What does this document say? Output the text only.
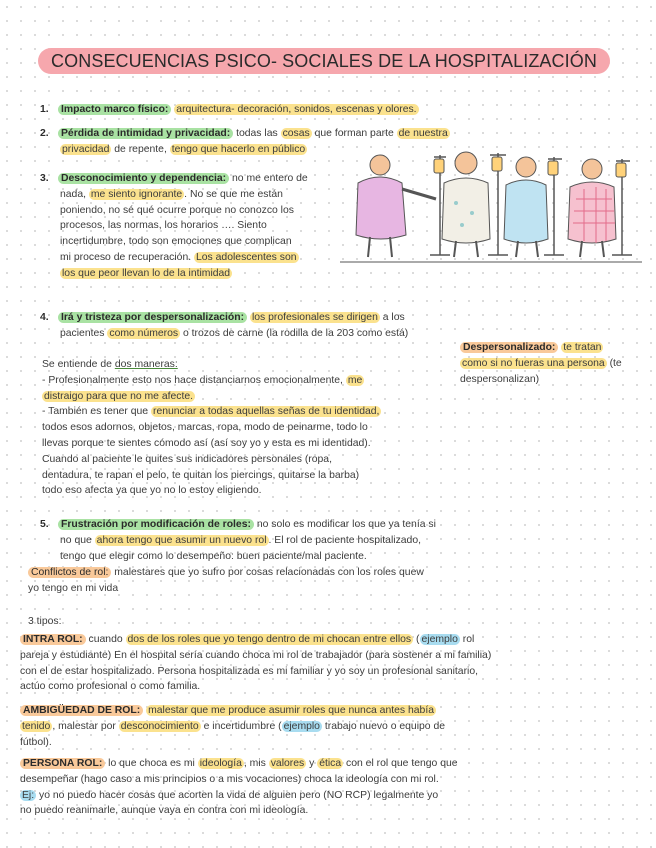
CONSECUENCIAS PSICO- SOCIALES DE LA HOSPITALIZACIÓN
1. Impacto marco físico: arquitectura- decoración, sonidos, escenas y olores.
2. Pérdida de intimidad y privacidad: todas las cosas que forman parte de nuestra
privacidad de repente, tengo que hacerlo en público
3. Desconocimiento y dependencia: no me entero de
nada, me siento ignorante . No se que me están
poniendo, no sé qué ocurre porque no conozco los
procesos, las normas, los horarios …. Siento
incertidumbre, todo son emociones que complican
mi proceso de recuperación. Los adolescentes son
los que peor llevan lo de la intimidad
4. Irá y tristeza por despersonalización: los profesionales se dirigen a los
pacientes como números o trozos de carne (la rodilla de la 203 como está)
Despersonalizado: te tratan
como si no fueras una persona (te
despersonalizan)
Se entiende de dos maneras:
- Profesionalmente esto nos hace distanciarnos emocionalmente, me
distraigo para que no me afecte.
- También es tener que renunciar a todas aquellas señas de tu identidad,
todos esos adornos, objetos, marcas, ropa, modo de peinarme, todo lo
llevas porque te sientes cómodo así (así soy yo y esta es mi identidad).
Cuando al paciente le quites sus indicadores personales (ropa,
dentadura, te rapan el pelo, te quitan los piercings, quitarse la barba)
todo eso afecta ya que yo no lo estoy eligiendo.
5. Frustración por modificación de roles: no solo es modificar los que ya tenía si
no que ahora tengo que asumir un nuevo rol . El rol de paciente hospitalizado,
tengo que elegir como lo desempeño: buen paciente/mal paciente.
Conflictos de rol: malestares que yo sufro por cosas relacionadas con los roles quew
yo tengo en mi vida
3 tipos:
INTRA ROL: cuando dos de los roles que yo tengo dentro de mi chocan entre ellos ( ejemplo rol
pareja y estudiante) En el hospital sería cuando choca mi rol de trabajador (para sostener a mi familia)
con el de estar hospitalizado. Persona hospitalizada es mi familiar y yo soy un profesional sanitario,
actúo como profesional o como familia.
AMBIGÜEDAD DE ROL: malestar que me produce asumir roles que nunca antes había
tenido , malestar por desconocimiento e incertidumbre ( ejemplo trabajo nuevo o equipo de
fútbol).
PERSONA ROL: lo que choca es mi ideología , mis valores y ética con el rol que tengo que
desempeñar (hago caso a mis principios o a mis vocaciones) choca la ideología con mi rol.
Ej: yo no puedo hacer cosas que acorten la vida de alguien pero (NO RCP) legalmente yo
no puedo reanimarle, aunque vaya en contra con mi ideología.
